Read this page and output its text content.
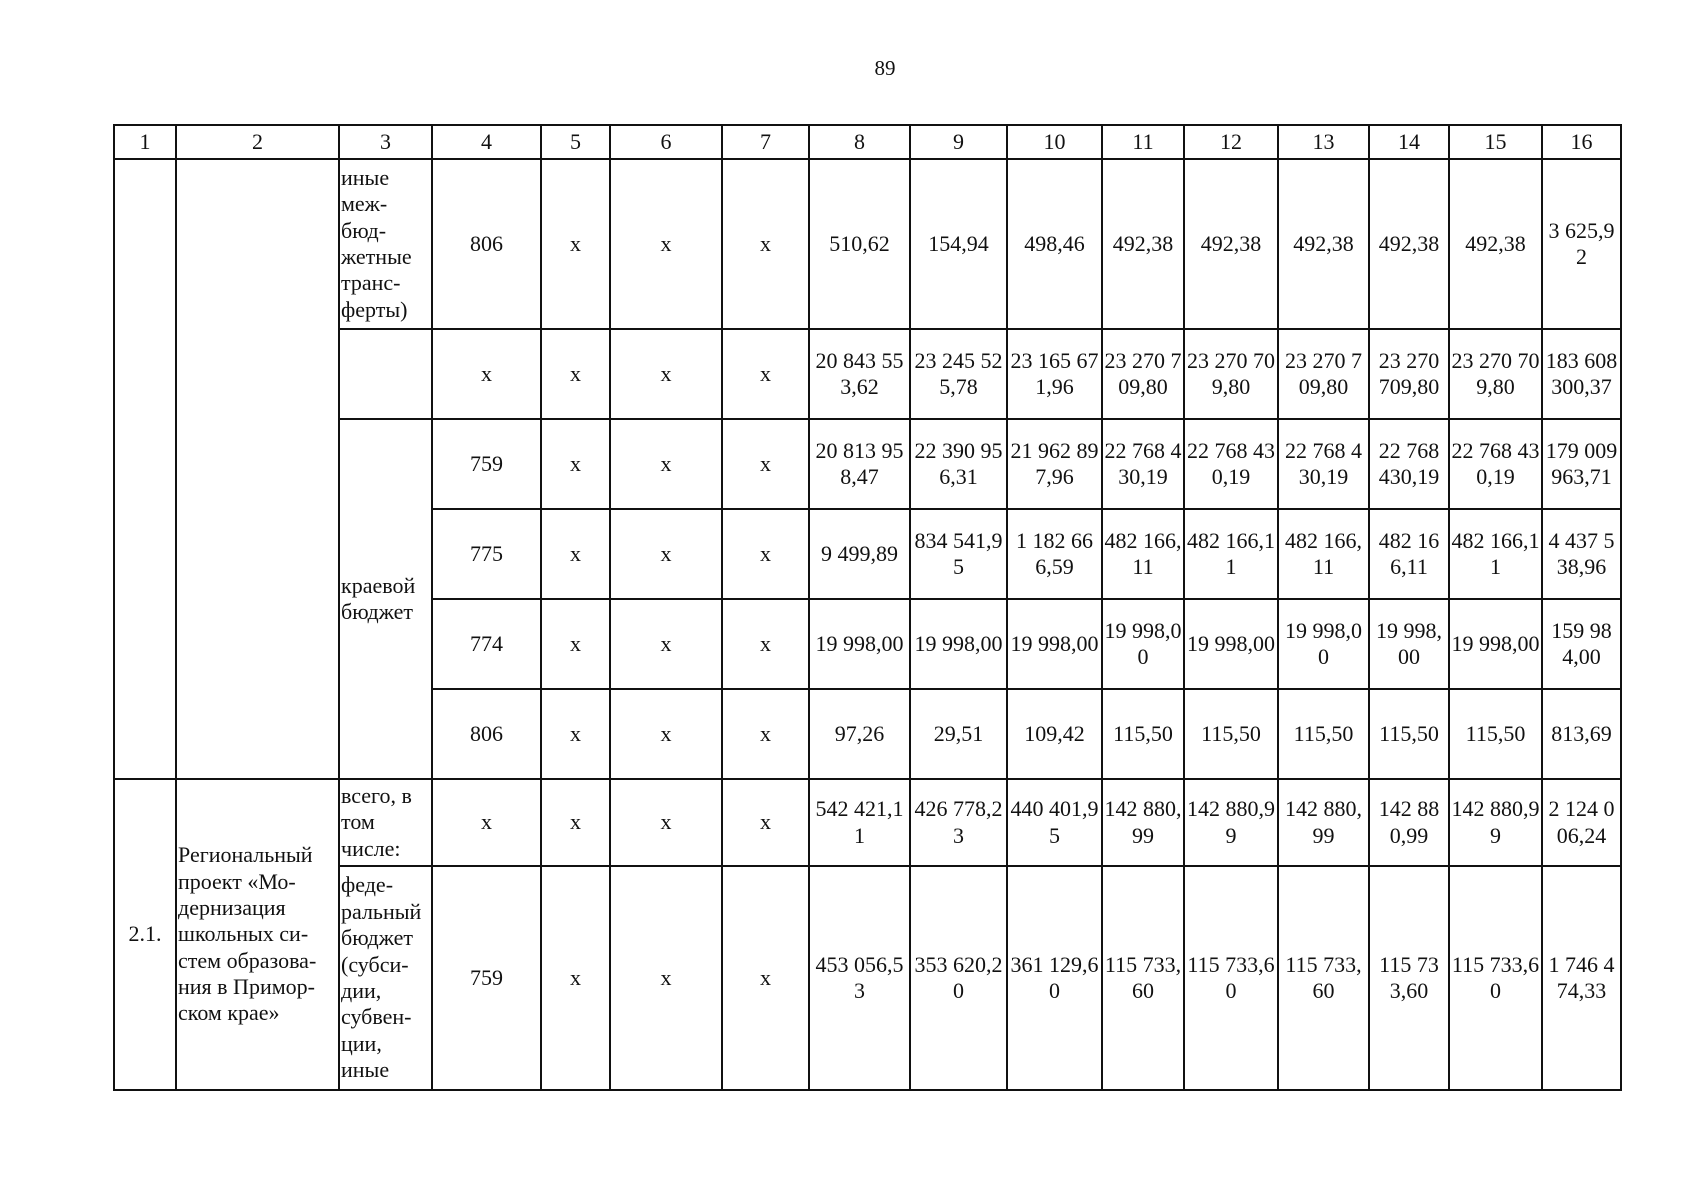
89
1	2	3	4	5	6	7	8	9	10	11	12	13	14	15	16
		иные меж- бюд- жетные транс- ферты)	806	x	x	x	510,62	154,94	498,46	492,38	492,38	492,38	492,38	492,38	3 625,92
			x	x	x	x	20 843 553,62	23 245 525,78	23 165 671,96	23 270 709,80	23 270 709,80	23 270 709,80	23 270 709,80	23 270 709,80	183 608 300,37
		краевой бюджет	759	x	x	x	20 813 958,47	22 390 956,31	21 962 897,96	22 768 430,19	22 768 430,19	22 768 430,19	22 768 430,19	22 768 430,19	179 009 963,71
			775	x	x	x	9 499,89	834 541,95	1 182 666,59	482 166,11	482 166,11	482 166,11	482 166,11	482 166,11	4 437 538,96
			774	x	x	x	19 998,00	19 998,00	19 998,00	19 998,00	19 998,00	19 998,00	19 998,00	19 998,00	159 984,00
			806	x	x	x	97,26	29,51	109,42	115,50	115,50	115,50	115,50	115,50	813,69
2.1.	Региональный проект «Мо- дернизация школьных си- стем образова- ния в Примор- ском крае»	всего, в том числе:	x	x	x	x	542 421,11	426 778,23	440 401,95	142 880,99	142 880,99	142 880,99	142 880,99	142 880,99	2 124 006,24
		феде- ральный бюджет (субси- дии, субвен- ции, иные	759	x	x	x	453 056,53	353 620,20	361 129,60	115 733,60	115 733,60	115 733,60	115 733,60	115 733,60	1 746 474,33
